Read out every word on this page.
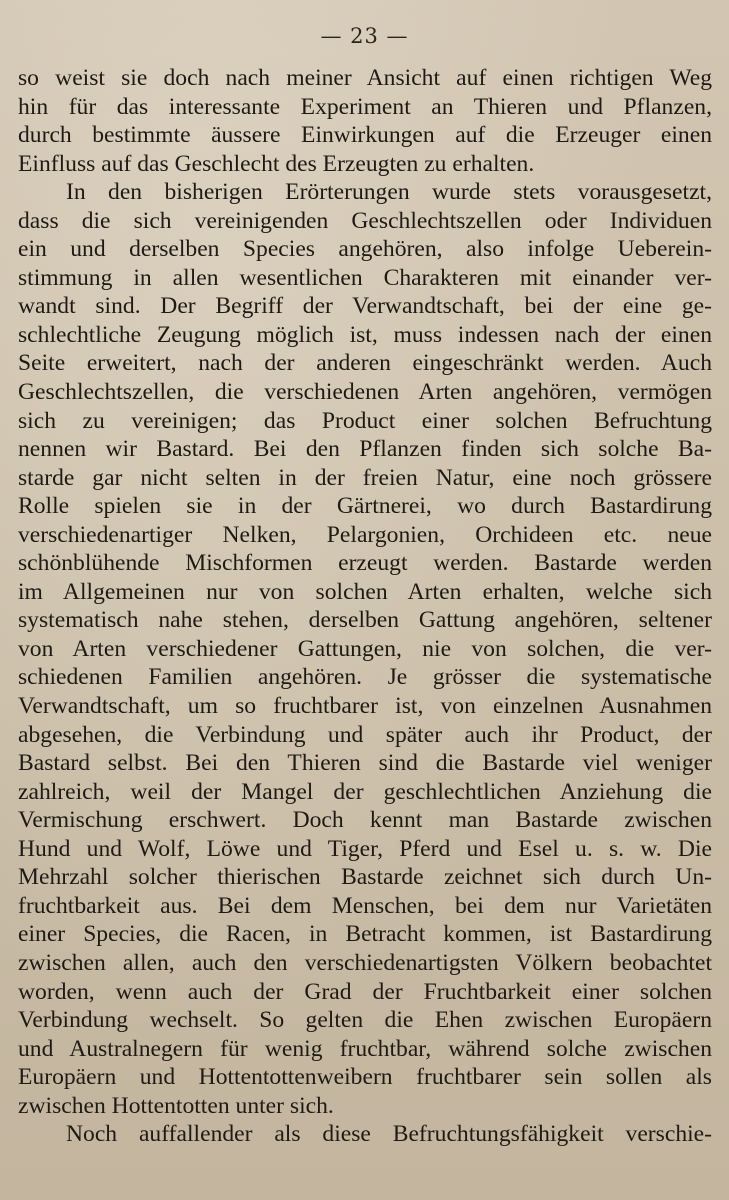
— 23 —
so weist sie doch nach meiner Ansicht auf einen richtigen Weg
hin für das interessante Experiment an Thieren und Pflanzen,
durch bestimmte äussere Einwirkungen auf die Erzeuger einen
Einfluss auf das Geschlecht des Erzeugten zu erhalten.
In den bisherigen Erörterungen wurde stets vorausgesetzt,
dass die sich vereinigenden Geschlechtszellen oder Individuen
ein und derselben Species angehören, also infolge Ueberein-
stimmung in allen wesentlichen Charakteren mit einander ver-
wandt sind. Der Begriff der Verwandtschaft, bei der eine ge-
schlechtliche Zeugung möglich ist, muss indessen nach der einen
Seite erweitert, nach der anderen eingeschränkt werden. Auch
Geschlechtszellen, die verschiedenen Arten angehören, vermögen
sich zu vereinigen; das Product einer solchen Befruchtung
nennen wir Bastard. Bei den Pflanzen finden sich solche Ba-
starde gar nicht selten in der freien Natur, eine noch grössere
Rolle spielen sie in der Gärtnerei, wo durch Bastardirung
verschiedenartiger Nelken, Pelargonien, Orchideen etc. neue
schönblühende Mischformen erzeugt werden. Bastarde werden
im Allgemeinen nur von solchen Arten erhalten, welche sich
systematisch nahe stehen, derselben Gattung angehören, seltener
von Arten verschiedener Gattungen, nie von solchen, die ver-
schiedenen Familien angehören. Je grösser die systematische
Verwandtschaft, um so fruchtbarer ist, von einzelnen Ausnahmen
abgesehen, die Verbindung und später auch ihr Product, der
Bastard selbst. Bei den Thieren sind die Bastarde viel weniger
zahlreich, weil der Mangel der geschlechtlichen Anziehung die
Vermischung erschwert. Doch kennt man Bastarde zwischen
Hund und Wolf, Löwe und Tiger, Pferd und Esel u. s. w. Die
Mehrzahl solcher thierischen Bastarde zeichnet sich durch Un-
fruchtbarkeit aus. Bei dem Menschen, bei dem nur Varietäten
einer Species, die Racen, in Betracht kommen, ist Bastardirung
zwischen allen, auch den verschiedenartigsten Völkern beobachtet
worden, wenn auch der Grad der Fruchtbarkeit einer solchen
Verbindung wechselt. So gelten die Ehen zwischen Europäern
und Australnegern für wenig fruchtbar, während solche zwischen
Europäern und Hottentottenweibern fruchtbarer sein sollen als
zwischen Hottentotten unter sich.
Noch auffallender als diese Befruchtungsfähigkeit verschie-
